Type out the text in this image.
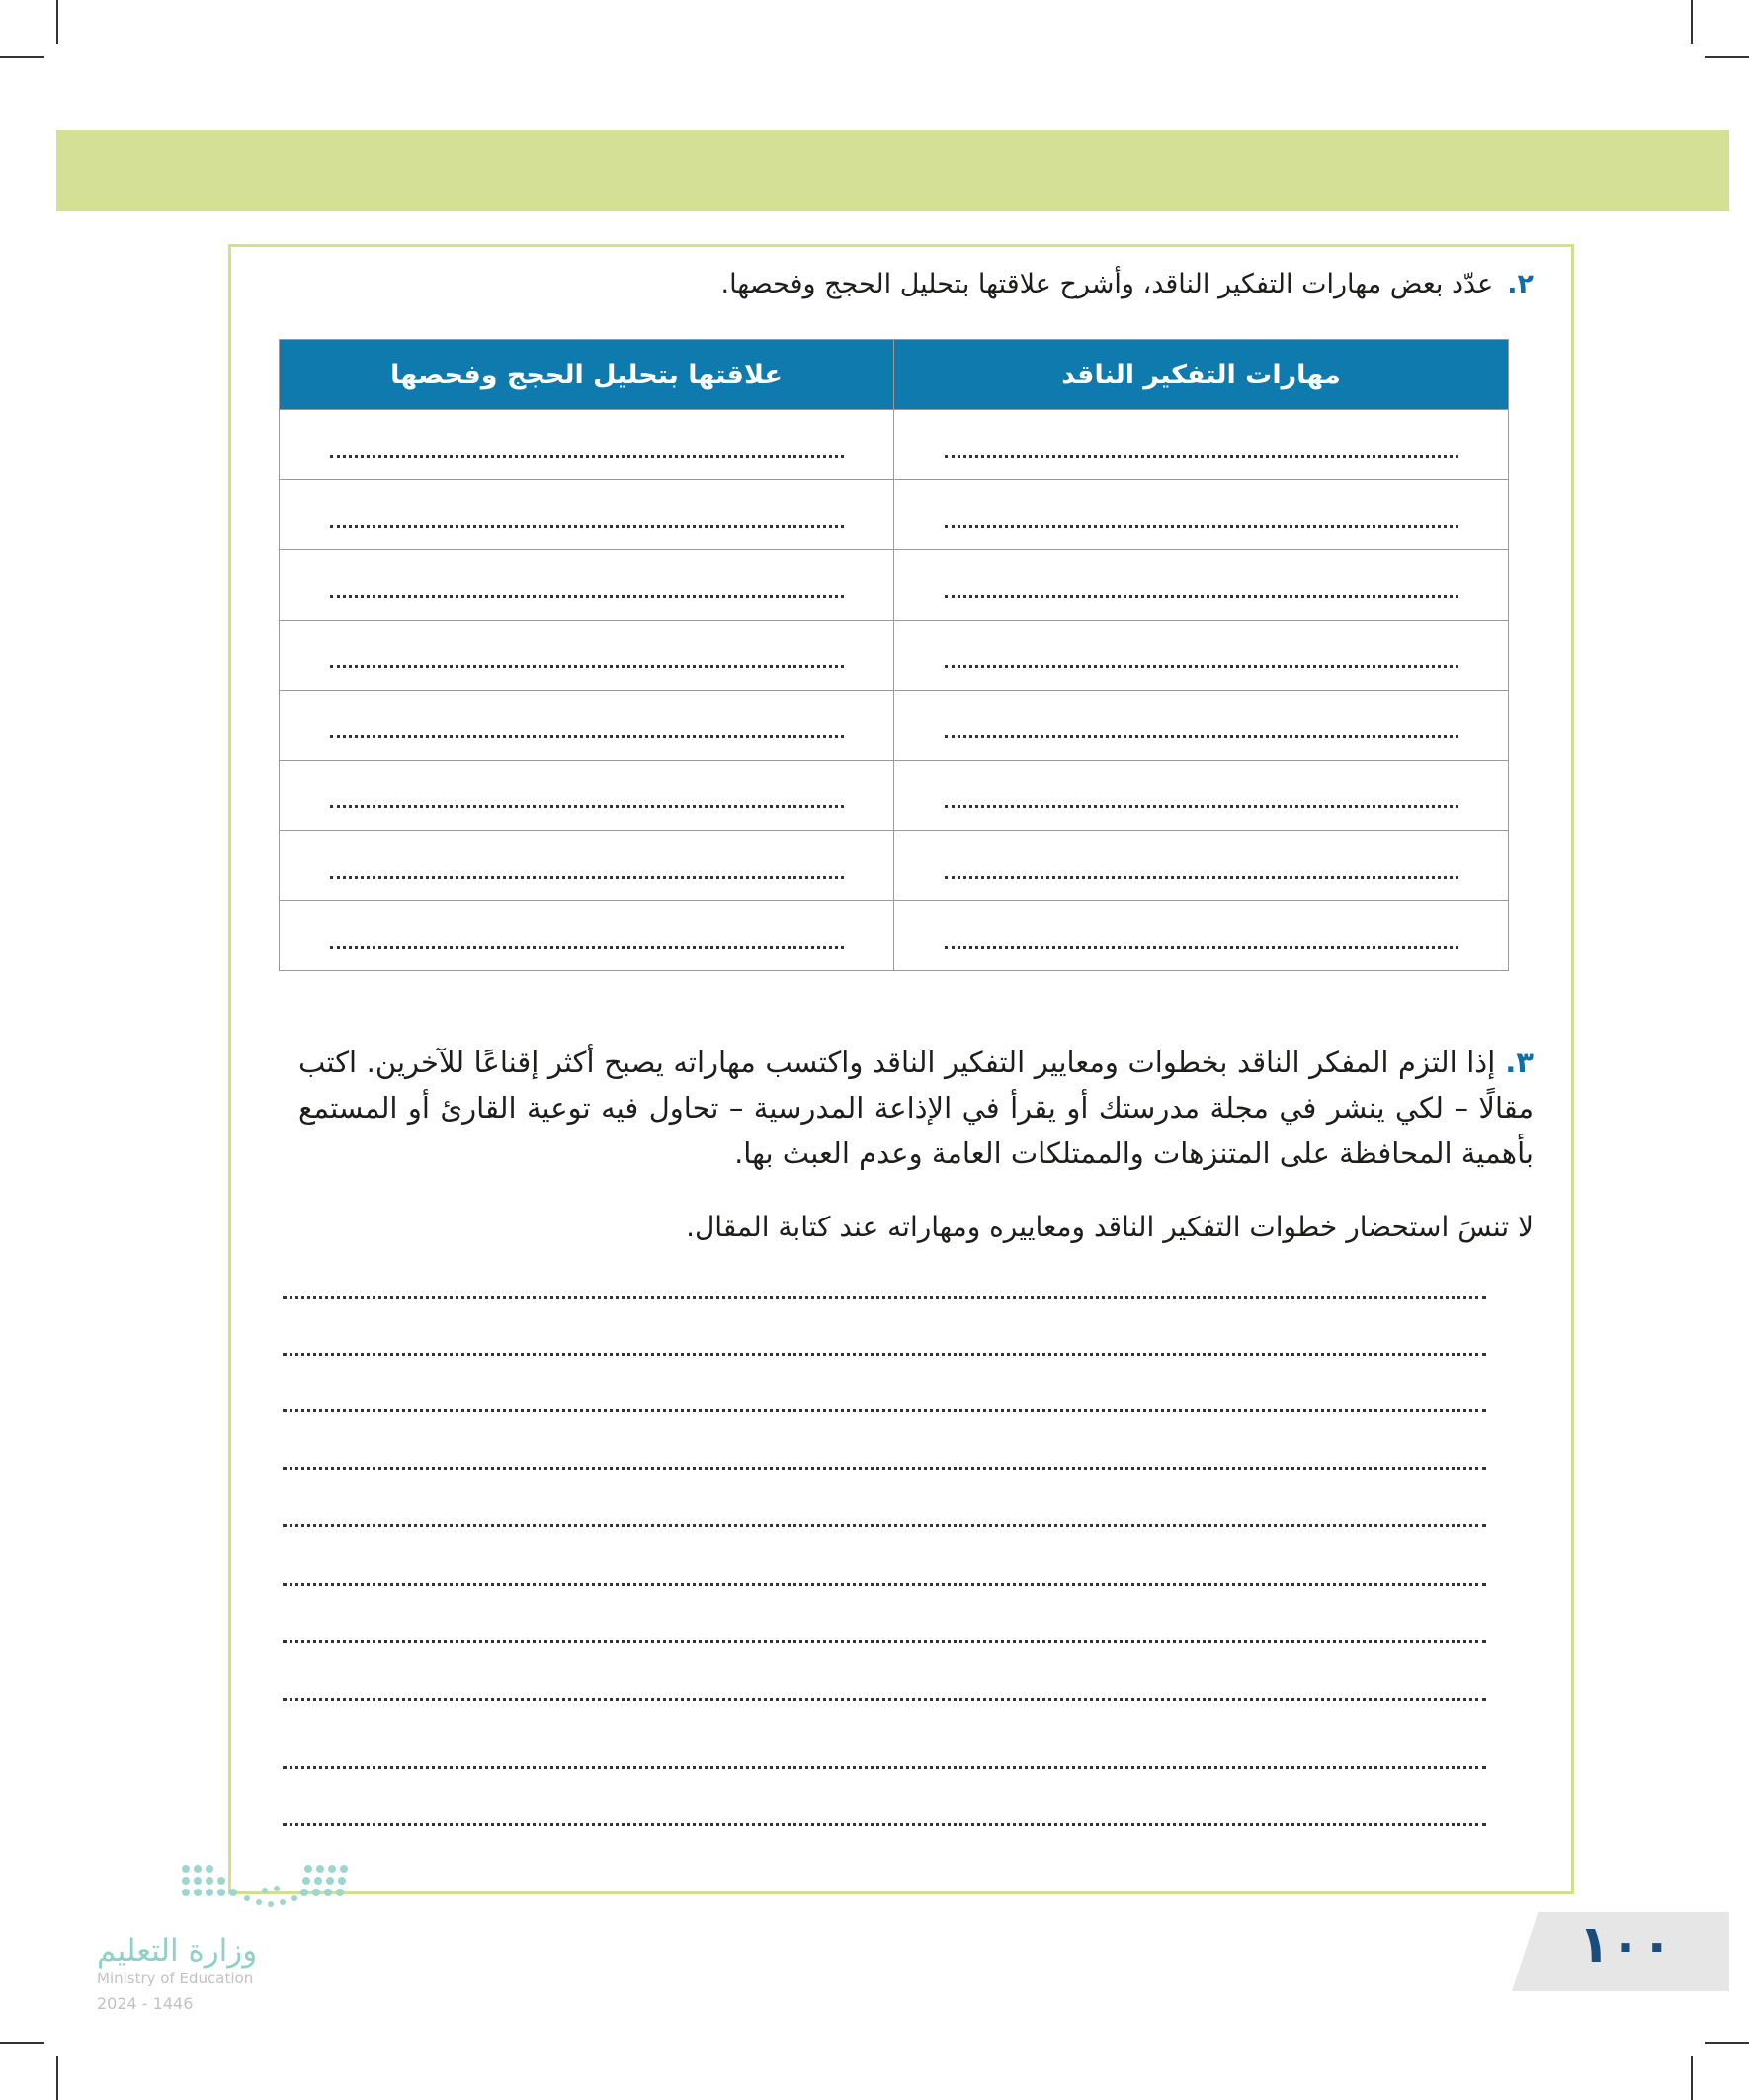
٢.عدّد بعض مهارات التفكير الناقد، وأشرح علاقتها بتحليل الحجج وفحصها.
مهارات التفكير الناقد	علاقتها بتحليل الحجج وفحصها

٣.إذا التزم المفكر الناقد بخطوات ومعايير التفكير الناقد واكتسب مهاراته يصبح أكثر إقناعًا للآخرين. اكتب مقالًا – لكي ينشر في مجلة مدرستك أو يقرأ في الإذاعة المدرسية – تحاول فيه توعية القارئ أو المستمع بأهمية المحافظة على المتنزهات والممتلكات العامة وعدم العبث بها.
لا تنسَ استحضار خطوات التفكير الناقد ومعاييره ومهاراته عند كتابة المقال.
وزارة التعليم
Ministry of Education
2024 - 1446
١٠٠
